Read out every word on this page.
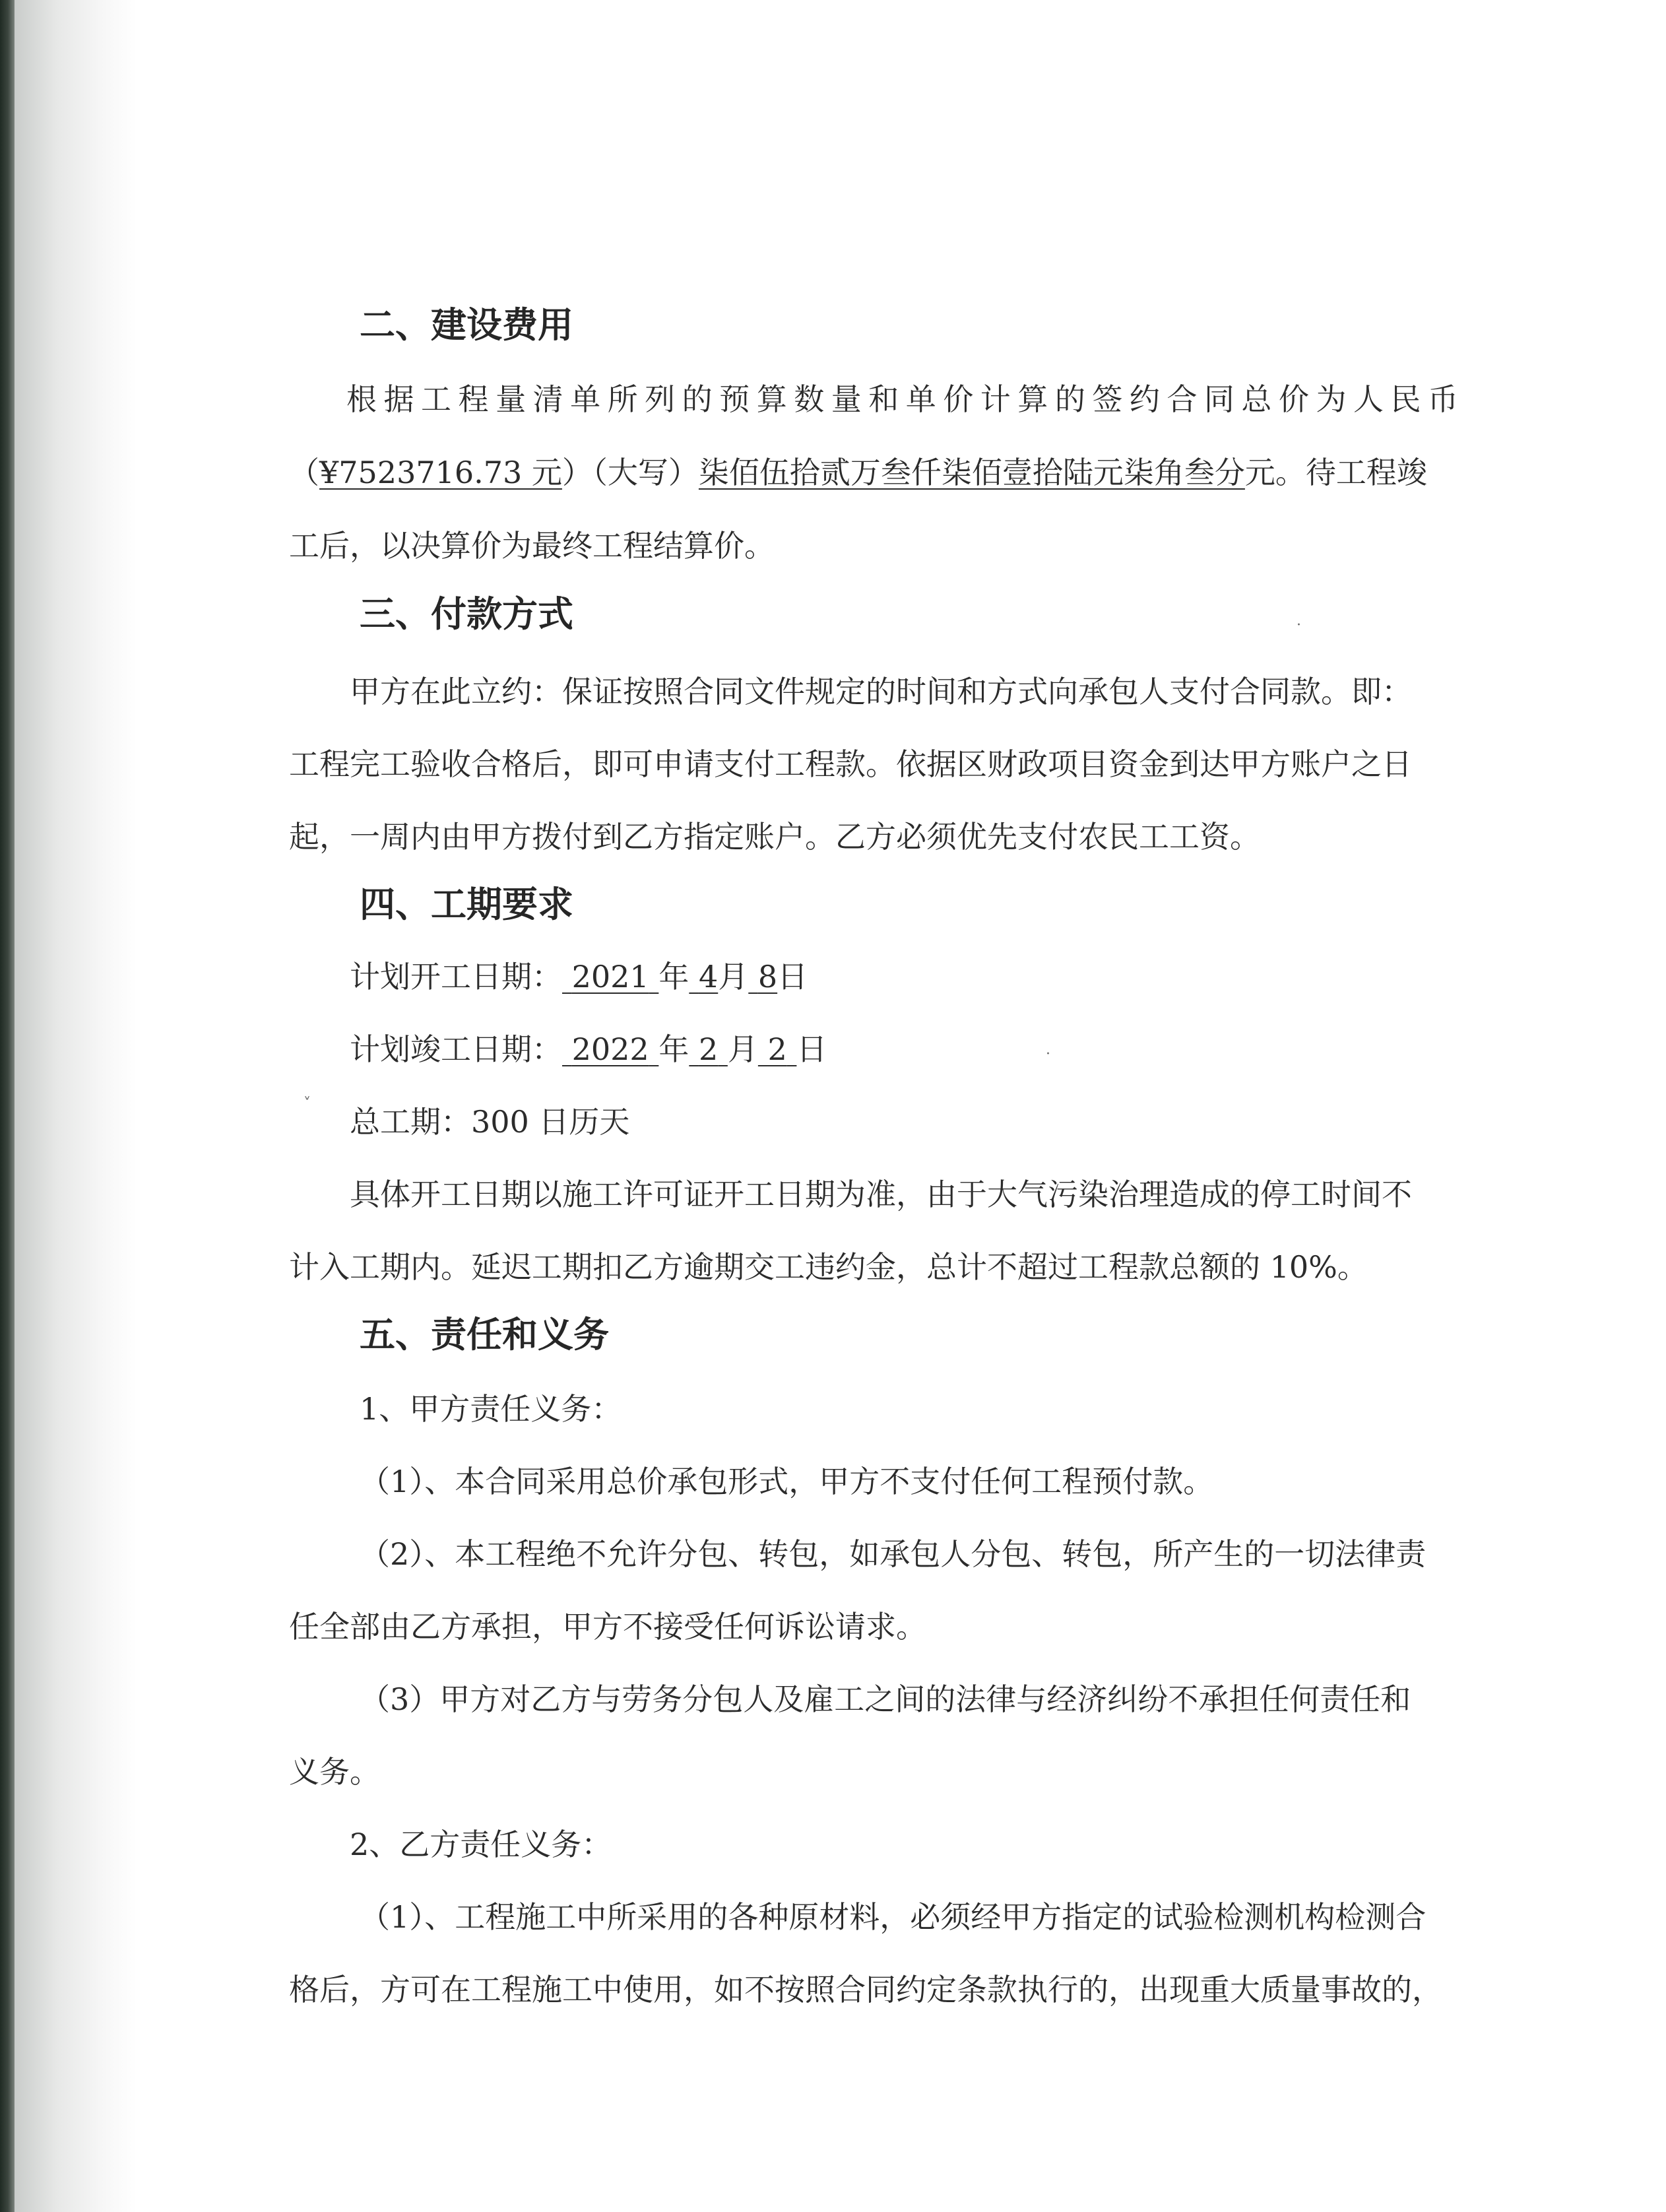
二、建设费用
根据工程量清单所列的预算数量和单价计算的签约合同总价为人民币
（¥7523716.73 元）（大写）柒佰伍拾贰万叁仟柒佰壹拾陆元柒角叁分元。待工程竣
工后，以决算价为最终工程结算价。
三、付款方式
甲方在此立约：保证按照合同文件规定的时间和方式向承包人支付合同款。即：
工程完工验收合格后，即可申请支付工程款。依据区财政项目资金到达甲方账户之日
起，一周内由甲方拨付到乙方指定账户。乙方必须优先支付农民工工资。
四、工期要求
计划开工日期： 2021 年 4月 8日
计划竣工日期： 2022 年 2 月 2 日
总工期：300 日历天
具体开工日期以施工许可证开工日期为准，由于大气污染治理造成的停工时间不
计入工期内。延迟工期扣乙方逾期交工违约金，总计不超过工程款总额的 10%。
五、责任和义务
1、甲方责任义务：
（1）、本合同采用总价承包形式，甲方不支付任何工程预付款。
（2）、本工程绝不允许分包、转包，如承包人分包、转包，所产生的一切法律责
任全部由乙方承担，甲方不接受任何诉讼请求。
（3）甲方对乙方与劳务分包人及雇工之间的法律与经济纠纷不承担任何责任和
义务。
2、乙方责任义务：
（1）、工程施工中所采用的各种原材料，必须经甲方指定的试验检测机构检测合
格后，方可在工程施工中使用，如不按照合同约定条款执行的，出现重大质量事故的，
·
˅
·
